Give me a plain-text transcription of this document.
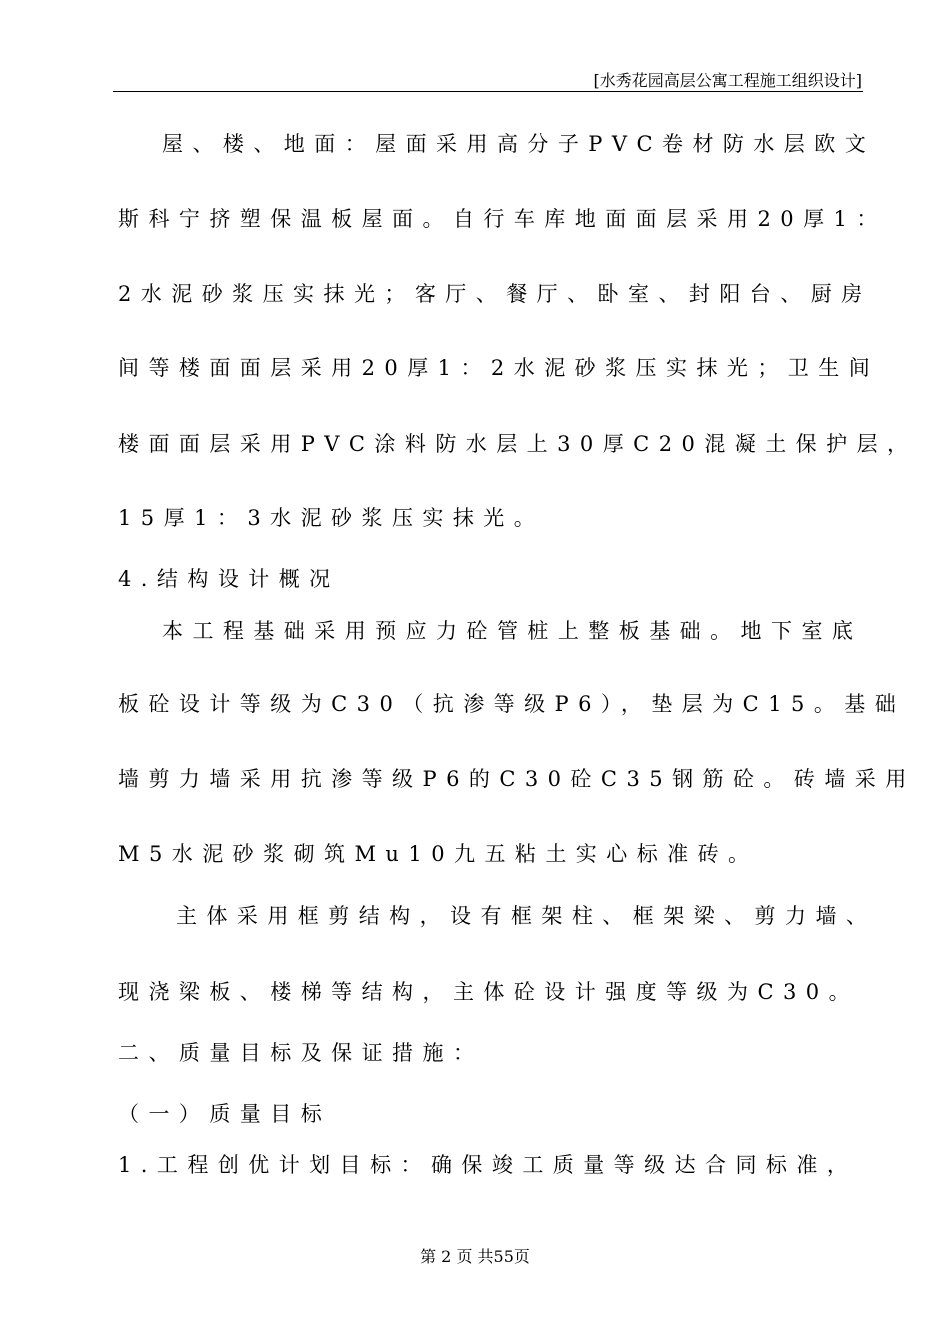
[水秀花园高层公寓工程施工组织设计]
屋、楼、地面：屋面采用高分子PVC卷材防水层欧文
斯科宁挤塑保温板屋面。自行车库地面面层采用20厚1：
2水泥砂浆压实抹光；客厅、餐厅、卧室、封阳台、厨房
间等楼面面层采用20厚1：2水泥砂浆压实抹光；卫生间
楼面面层采用PVC涂料防水层上30厚C20混凝土保护层，
15厚1：3水泥砂浆压实抹光。
4.结构设计概况
本工程基础采用预应力砼管桩上整板基础。地下室底
板砼设计等级为C30（抗渗等级P6），垫层为C15。基础
墙剪力墙采用抗渗等级P6的C30砼C35钢筋砼。砖墙采用
M5水泥砂浆砌筑Mu10九五粘土实心标准砖。
主体采用框剪结构，设有框架柱、框架梁、剪力墙、
现浇梁板、楼梯等结构，主体砼设计强度等级为C30。
二、质量目标及保证措施：
（一）质量目标
1.工程创优计划目标：确保竣工质量等级达合同标准，
第 2 页 共55页
